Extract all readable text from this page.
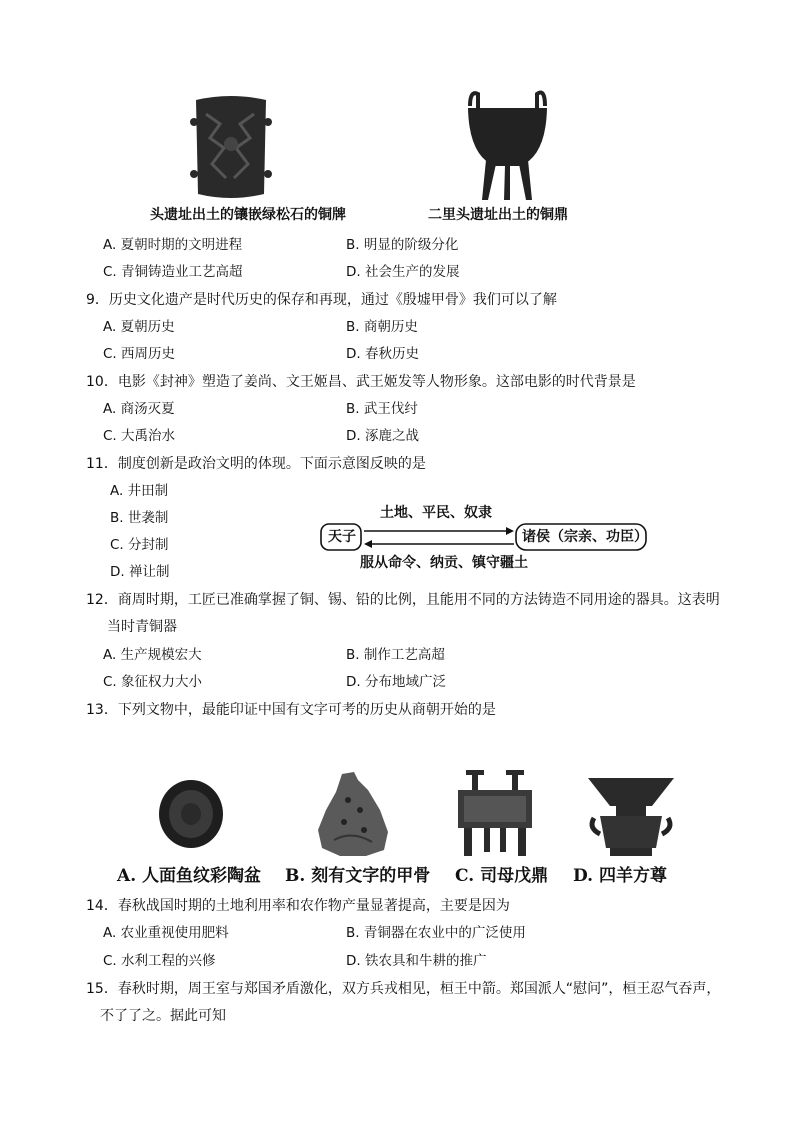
头遗址出土的镶嵌绿松石的铜牌	二里头遗址出土的铜鼎
A. 夏朝时期的文明进程	B. 明显的阶级分化
C. 青铜铸造业工艺高超	D. 社会生产的发展
9．历史文化遗产是时代历史的保存和再现，通过《殷墟甲骨》我们可以了解
A. 夏朝历史	B. 商朝历史
C. 西周历史	D. 春秋历史
10．电影《封神》塑造了姜尚、文王姬昌、武王姬发等人物形象。这部电影的时代背景是
A. 商汤灭夏	B. 武王伐纣
C. 大禹治水	D. 涿鹿之战
11．制度创新是政治文明的体现。下面示意图反映的是
A. 井田制
B. 世袭制
C. 分封制
D. 禅让制
天子	诸侯（宗亲、功臣）
土地、平民、奴隶
服从命令、纳贡、镇守疆土
12．商周时期，工匠已准确掌握了铜、锡、铅的比例，且能用不同的方法铸造不同用途的器具。这表明
当时青铜器
A. 生产规模宏大	B. 制作工艺高超
C. 象征权力大小	D. 分布地域广泛
13．下列文物中，最能印证中国有文字可考的历史从商朝开始的是
A. 人面鱼纹彩陶盆 B. 刻有文字的甲骨 C. 司母戊鼎 D. 四羊方尊
14．春秋战国时期的土地利用率和农作物产量显著提高，主要是因为
A. 农业重视使用肥料	B. 青铜器在农业中的广泛使用
C. 水利工程的兴修	D. 铁农具和牛耕的推广
15．春秋时期，周王室与郑国矛盾激化，双方兵戎相见，桓王中箭。郑国派人“慰问”，桓王忍气吞声，
不了了之。据此可知
